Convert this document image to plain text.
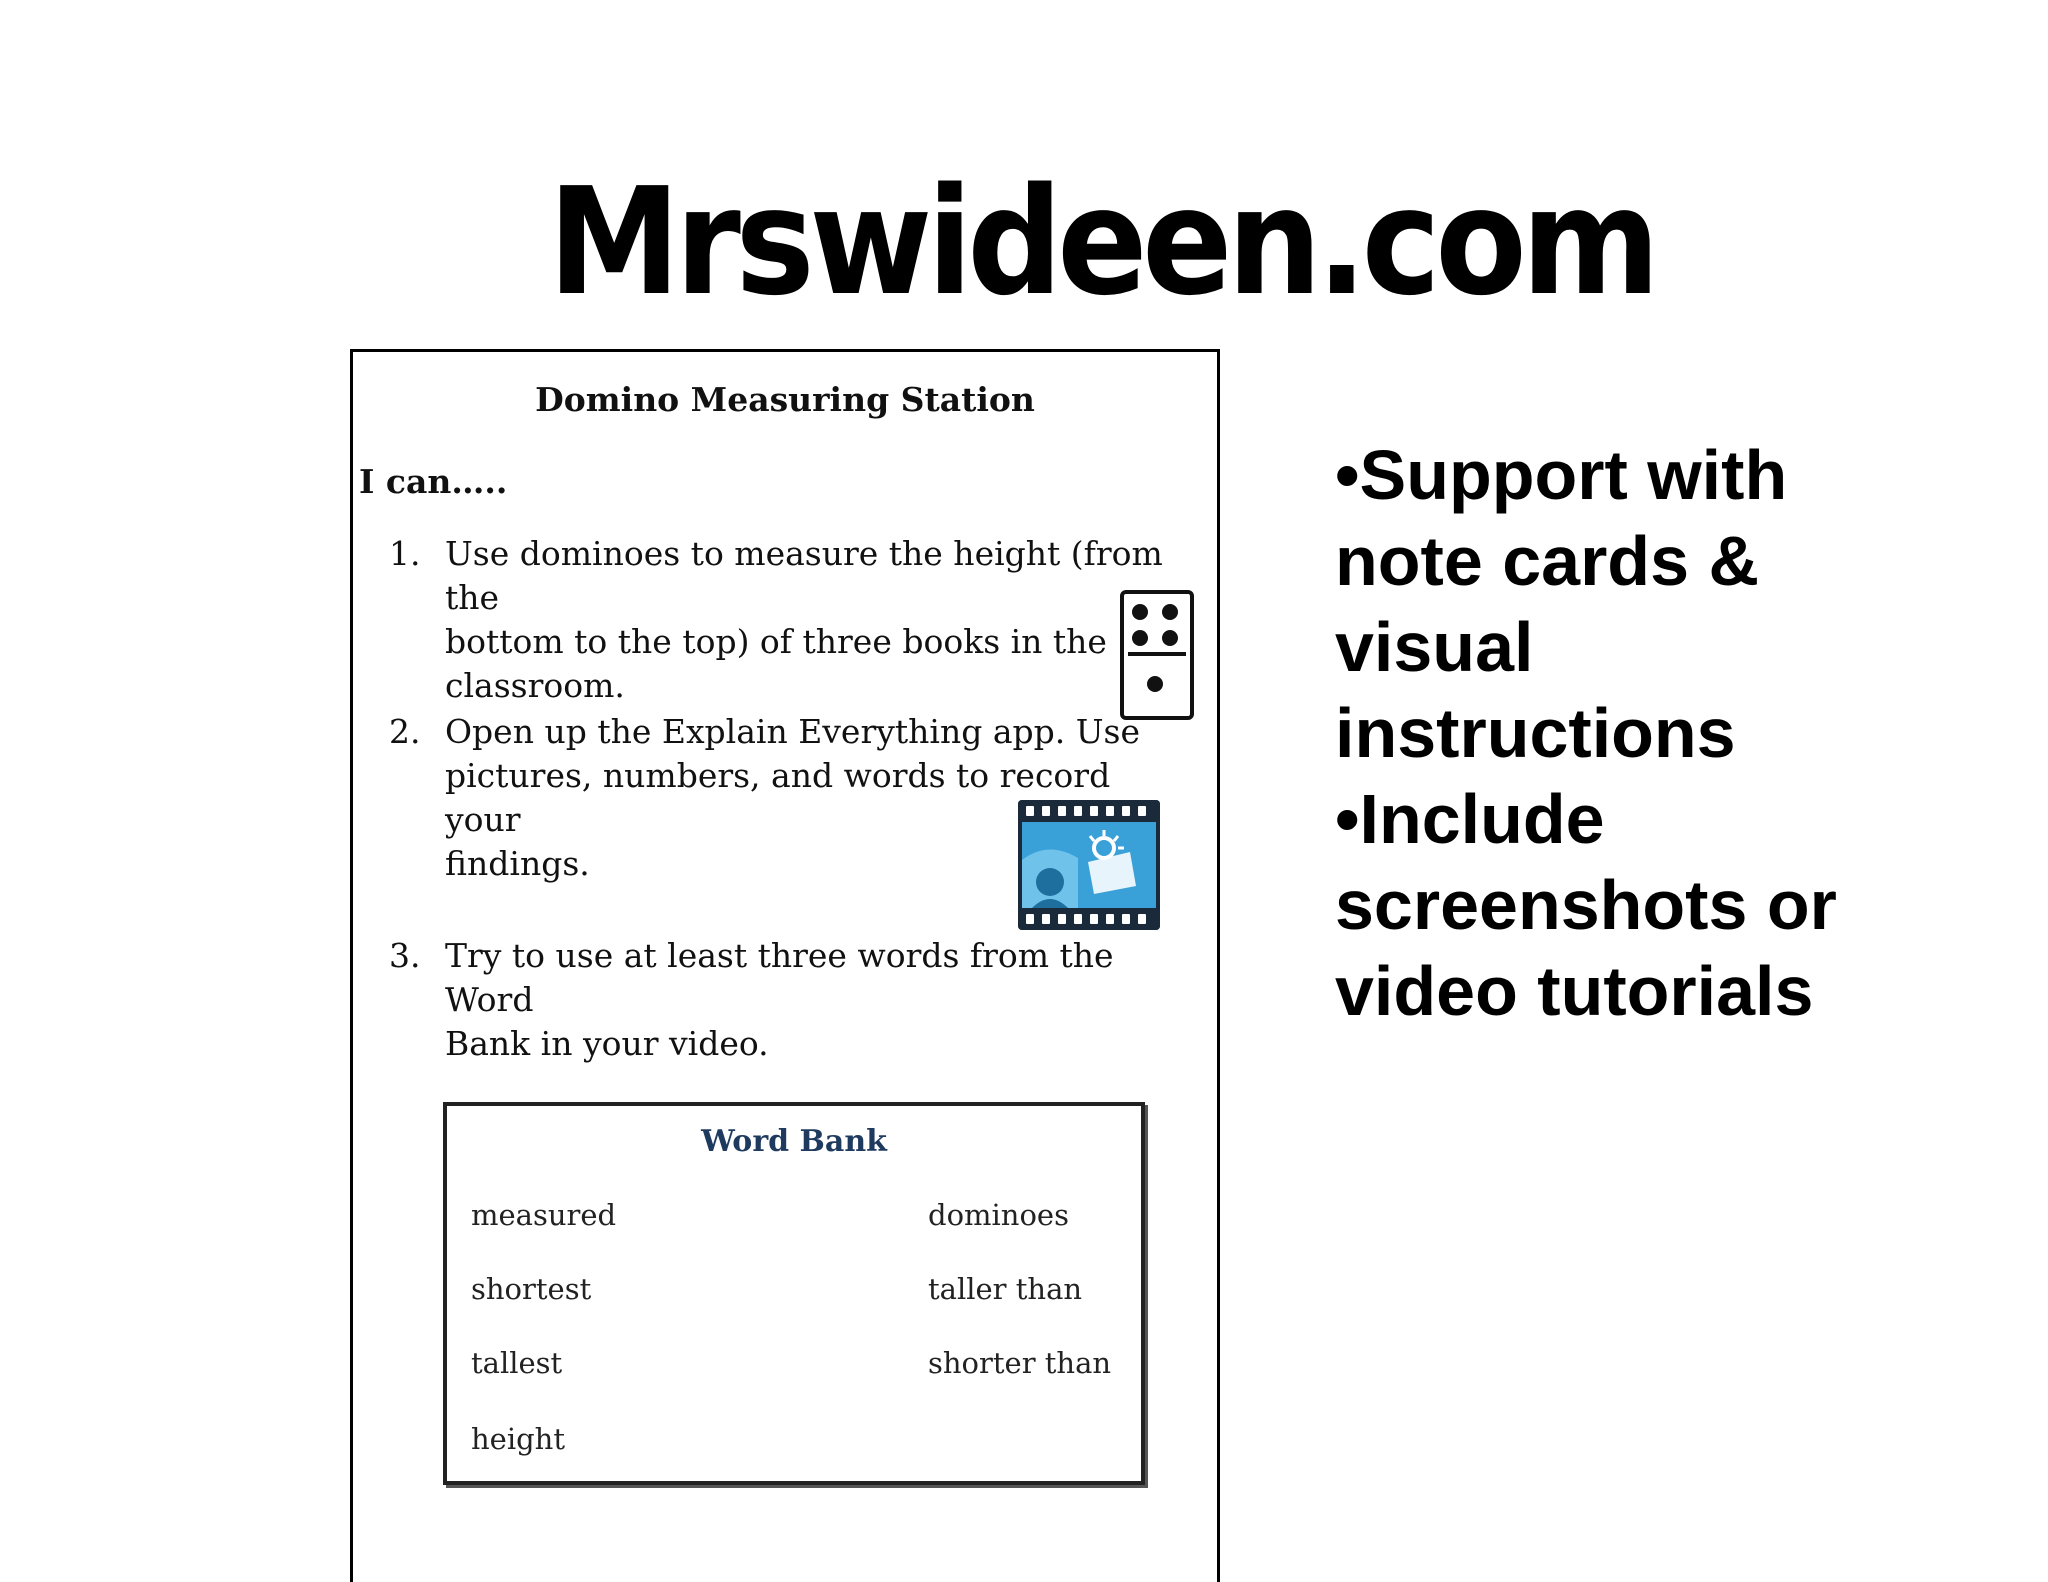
Mrswideen.com
Domino Measuring Station
I can…..
1. Use dominoes to measure the height (from the
bottom to the top) of three books in the
classroom.
2. Open up the Explain Everything app. Use
pictures, numbers, and words to record your
findings.
3. Try to use at least three words from the Word
Bank in your video.
Word Bank
measured
shortest
tallest
height
dominoes
taller than
shorter than
•Support with
note cards &
visual
instructions
•Include
screenshots or
video tutorials
